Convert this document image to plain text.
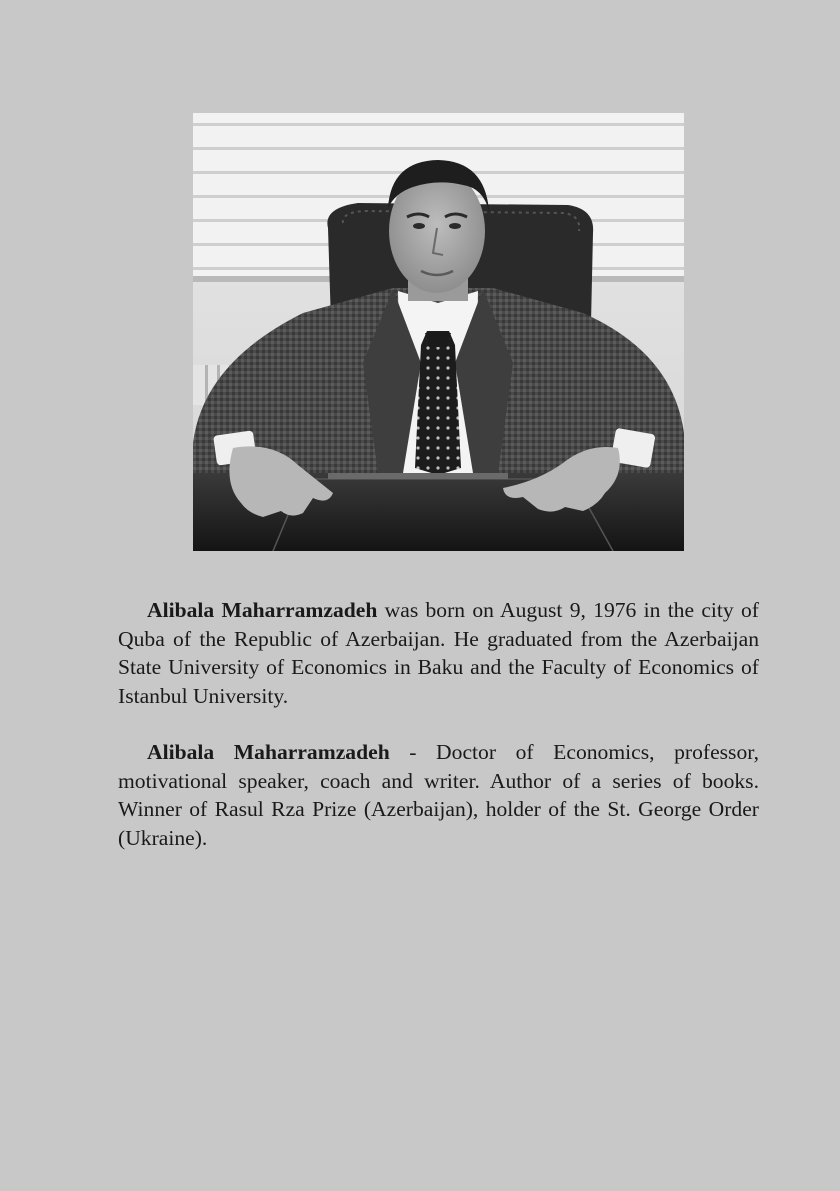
Alibala Maharramzadeh was born on August 9, 1976 in the city of Quba of the Republic of Azerbaijan. He graduated from the Azerbaijan State University of Economics in Baku and the Faculty of Economics of Istanbul University.

Alibala Maharramzadeh - Doctor of Economics, professor, motivational speaker, coach and writer. Author of a series of books. Winner of Rasul Rza Prize (Azerbaijan), holder of the St. George Order (Ukraine).
